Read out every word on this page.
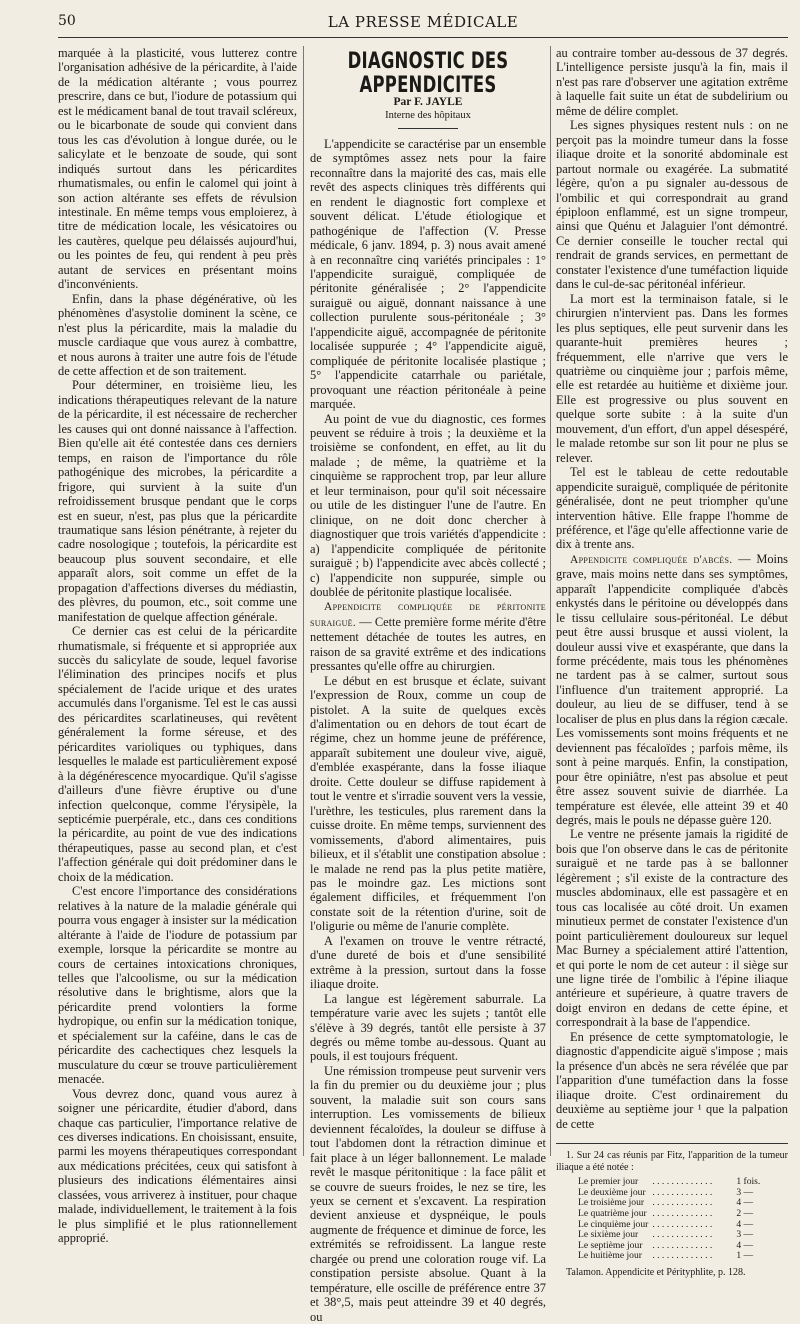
50	LA PRESSE MÉDICALE

marquée à la plasticité, vous lutterez contre l'organisation adhésive de la péricardite, à l'aide de la médication altérante ; vous pourrez prescrire, dans ce but, l'iodure de potassium qui est le médicament banal de tout travail scléreux, ou le bicarbonate de soude qui convient dans tous les cas d'évolution à longue durée, ou le salicylate et le benzoate de soude, qui sont indiqués surtout dans les péricardites rhumatismales, ou enfin le calomel qui joint à son action altérante ses effets de révulsion intestinale. En même temps vous emploierez, à titre de médication locale, les vésicatoires ou les cautères, quelque peu délaissés aujourd'hui, ou les pointes de feu, qui rendent à peu près autant de services en présentant moins d'inconvénients.

Enfin, dans la phase dégénérative, où les phénomènes d'asystolie dominent la scène, ce n'est plus la péricardite, mais la maladie du muscle cardiaque que vous aurez à combattre, et nous aurons à traiter une autre fois de l'étude de cette affection et de son traitement.

Pour déterminer, en troisième lieu, les indications thérapeutiques relevant de la nature de la péricardite, il est nécessaire de rechercher les causes qui ont donné naissance à l'affection. Bien qu'elle ait été contestée dans ces derniers temps, en raison de l'importance du rôle pathogénique des microbes, la péricardite a frigore, qui survient à la suite d'un refroidissement brusque pendant que le corps est en sueur, n'est, pas plus que la péricardite traumatique sans lésion pénétrante, à rejeter du cadre nosologique ; toutefois, la péricardite est beaucoup plus souvent secondaire, et elle apparaît alors, soit comme un effet de la propagation d'affections diverses du médiastin, des plèvres, du poumon, etc., soit comme une manifestation de quelque affection générale.

Ce dernier cas est celui de la péricardite rhumatismale, si fréquente et si appropriée aux succès du salicylate de soude, lequel favorise l'élimination des principes nocifs et plus spécialement de l'acide urique et des urates accumulés dans l'organisme. Tel est le cas aussi des péricardites scarlatineuses, qui revêtent généralement la forme séreuse, et des péricardites varioliques ou typhiques, dans lesquelles le malade est particulièrement exposé à la dégénérescence myocardique. Qu'il s'agisse d'ailleurs d'une fièvre éruptive ou d'une infection quelconque, comme l'érysipèle, la septicémie puerpérale, etc., dans ces conditions la péricardite, au point de vue des indications thérapeutiques, passe au second plan, et c'est l'affection générale qui doit prédominer dans le choix de la médication.

C'est encore l'importance des considérations relatives à la nature de la maladie générale qui pourra vous engager à insister sur la médication altérante à l'aide de l'iodure de potassium par exemple, lorsque la péricardite se montre au cours de certaines intoxications chroniques, telles que l'alcoolisme, ou sur la médication résolutive dans le brightisme, alors que la péricardite prend volontiers la forme hydropique, ou enfin sur la médication tonique, et spécialement sur la caféine, dans le cas de péricardite des cachectiques chez lesquels la musculature du cœur se trouve particulièrement menacée.

Vous devrez donc, quand vous aurez à soigner une péricardite, étudier d'abord, dans chaque cas particulier, l'importance relative de ces diverses indications. En choisissant, ensuite, parmi les moyens thérapeutiques correspondant aux médications précitées, ceux qui satisfont à plusieurs des indications élémentaires ainsi classées, vous arriverez à instituer, pour chaque malade, individuellement, le traitement à la fois le plus simplifié et le plus rationnellement approprié.

DIAGNOSTIC DES APPENDICITES
Par F. JAYLE
Interne des hôpitaux

L'appendicite se caractérise par un ensemble de symptômes assez nets pour la faire reconnaître dans la majorité des cas, mais elle revêt des aspects cliniques très différents qui en rendent le diagnostic fort complexe et souvent délicat. L'étude étiologique et pathogénique de l'affection (V. Presse médicale, 6 janv. 1894, p. 3) nous avait amené à en reconnaître cinq variétés principales : 1° l'appendicite suraiguë, compliquée de péritonite généralisée ; 2° l'appendicite suraiguë ou aiguë, donnant naissance à une collection purulente sous-péritonéale ; 3° l'appendicite aiguë, accompagnée de péritonite localisée suppurée ; 4° l'appendicite aiguë, compliquée de péritonite localisée plastique ; 5° l'appendicite catarrhale ou pariétale, provoquant une réaction péritonéale à peine marquée.

Au point de vue du diagnostic, ces formes peuvent se réduire à trois ; la deuxième et la troisième se confondent, en effet, au lit du malade ; de même, la quatrième et la cinquième se rapprochent trop, par leur allure et leur terminaison, pour qu'il soit nécessaire ou utile de les distinguer l'une de l'autre. En clinique, on ne doit donc chercher à diagnostiquer que trois variétés d'appendicite : a) l'appendicite compliquée de péritonite suraiguë ; b) l'appendicite avec abcès collecté ; c) l'appendicite non suppurée, simple ou doublée de péritonite plastique localisée.

Appendicite compliquée de péritonite suraiguë. — Cette première forme mérite d'être nettement détachée de toutes les autres, en raison de sa gravité extrême et des indications pressantes qu'elle offre au chirurgien.

Le début en est brusque et éclate, suivant l'expression de Roux, comme un coup de pistolet. A la suite de quelques excès d'alimentation ou en dehors de tout écart de régime, chez un homme jeune de préférence, apparaît subitement une douleur vive, aiguë, d'emblée exaspérante, dans la fosse iliaque droite. Cette douleur se diffuse rapidement à tout le ventre et s'irradie souvent vers la vessie, l'urèthre, les testicules, plus rarement dans la cuisse droite. En même temps, surviennent des vomissements, d'abord alimentaires, puis bilieux, et il s'établit une constipation absolue : le malade ne rend pas la plus petite matière, pas le moindre gaz. Les mictions sont également difficiles, et fréquemment l'on constate soit de la rétention d'urine, soit de l'oligurie ou même de l'anurie complète.

A l'examen on trouve le ventre rétracté, d'une dureté de bois et d'une sensibilité extrême à la pression, surtout dans la fosse iliaque droite.

La langue est légèrement saburrale. La température varie avec les sujets ; tantôt elle s'élève à 39 degrés, tantôt elle persiste à 37 degrés ou même tombe au-dessous. Quant au pouls, il est toujours fréquent.

Une rémission trompeuse peut survenir vers la fin du premier ou du deuxième jour ; plus souvent, la maladie suit son cours sans interruption. Les vomissements de bilieux deviennent fécaloïdes, la douleur se diffuse à tout l'abdomen dont la rétraction diminue et fait place à un léger ballonnement. Le malade revêt le masque péritonitique : la face pâlit et se couvre de sueurs froides, le nez se tire, les yeux se cernent et s'excavent. La respiration devient anxieuse et dyspnéique, le pouls augmente de fréquence et diminue de force, les extrémités se refroidissent. La langue reste chargée ou prend une coloration rouge vif. La constipation persiste absolue. Quant à la température, elle oscille de préférence entre 37 et 38°,5, mais peut atteindre 39 et 40 degrés, ou

au contraire tomber au-dessous de 37 degrés. L'intelligence persiste jusqu'à la fin, mais il n'est pas rare d'observer une agitation extrême à laquelle fait suite un état de subdelirium ou même de délire complet.

Les signes physiques restent nuls : on ne perçoit pas la moindre tumeur dans la fosse iliaque droite et la sonorité abdominale est partout normale ou exagérée. La submatité légère, qu'on a pu signaler au-dessous de l'ombilic et qui correspondrait au grand épiploon enflammé, est un signe trompeur, ainsi que Quénu et Jalaguier l'ont démontré. Ce dernier conseille le toucher rectal qui rendrait de grands services, en permettant de constater l'existence d'une tuméfaction liquide dans le cul-de-sac péritonéal inférieur.

La mort est la terminaison fatale, si le chirurgien n'intervient pas. Dans les formes les plus septiques, elle peut survenir dans les quarante-huit premières heures ; fréquemment, elle n'arrive que vers le quatrième ou cinquième jour ; parfois même, elle est retardée au huitième et dixième jour. Elle est progressive ou plus souvent en quelque sorte subite : à la suite d'un mouvement, d'un effort, d'un appel désespéré, le malade retombe sur son lit pour ne plus se relever.

Tel est le tableau de cette redoutable appendicite suraiguë, compliquée de péritonite généralisée, dont ne peut triompher qu'une intervention hâtive. Elle frappe l'homme de préférence, et l'âge qu'elle affectionne varie de dix à trente ans.

Appendicite compliquée d'abcès. — Moins grave, mais moins nette dans ses symptômes, apparaît l'appendicite compliquée d'abcès enkystés dans le péritoine ou développés dans le tissu cellulaire sous-péritonéal. Le début peut être aussi brusque et aussi violent, la douleur aussi vive et exaspérante, que dans la forme précédente, mais tous les phénomènes ne tardent pas à se calmer, surtout sous l'influence d'un traitement approprié. La douleur, au lieu de se diffuser, tend à se localiser de plus en plus dans la région cæcale. Les vomissements sont moins fréquents et ne deviennent pas fécaloïdes ; parfois même, ils sont à peine marqués. Enfin, la constipation, pour être opiniâtre, n'est pas absolue et peut être assez souvent suivie de diarrhée. La température est élevée, elle atteint 39 et 40 degrés, mais le pouls ne dépasse guère 120.

Le ventre ne présente jamais la rigidité de bois que l'on observe dans le cas de péritonite suraiguë et ne tarde pas à se ballonner légèrement ; s'il existe de la contracture des muscles abdominaux, elle est passagère et en tous cas localisée au côté droit. Un examen minutieux permet de constater l'existence d'un point particulièrement douloureux sur lequel Mac Burney a spécialement attiré l'attention, et qui porte le nom de cet auteur : il siège sur une ligne tirée de l'ombilic à l'épine iliaque antérieure et supérieure, à quatre travers de doigt environ en dedans de cette épine, et correspondrait à la base de l'appendice.

En présence de cette symptomatologie, le diagnostic d'appendicite aiguë s'impose ; mais la présence d'un abcès ne sera révélée que par l'apparition d'une tuméfaction dans la fosse iliaque droite. C'est ordinairement du deuxième au septième jour ¹ que la palpation de cette

1. Sur 24 cas réunis par Fitz, l'apparition de la tumeur iliaque a été notée :
Le premier jour	. . . . . . . . . . . . .	1 fois.
Le deuxième jour	. . . . . . . . . . . . .	3 —
Le troisième jour	. . . . . . . . . . . . .	4 —
Le quatrième jour	. . . . . . . . . . . . .	2 —
Le cinquième jour	. . . . . . . . . . . . .	4 —
Le sixième jour	. . . . . . . . . . . . .	3 —
Le septième jour	. . . . . . . . . . . . .	4 —
Le huitième jour	. . . . . . . . . . . . .	1 —
Talamon. Appendicite et Pérityphlite, p. 128.
